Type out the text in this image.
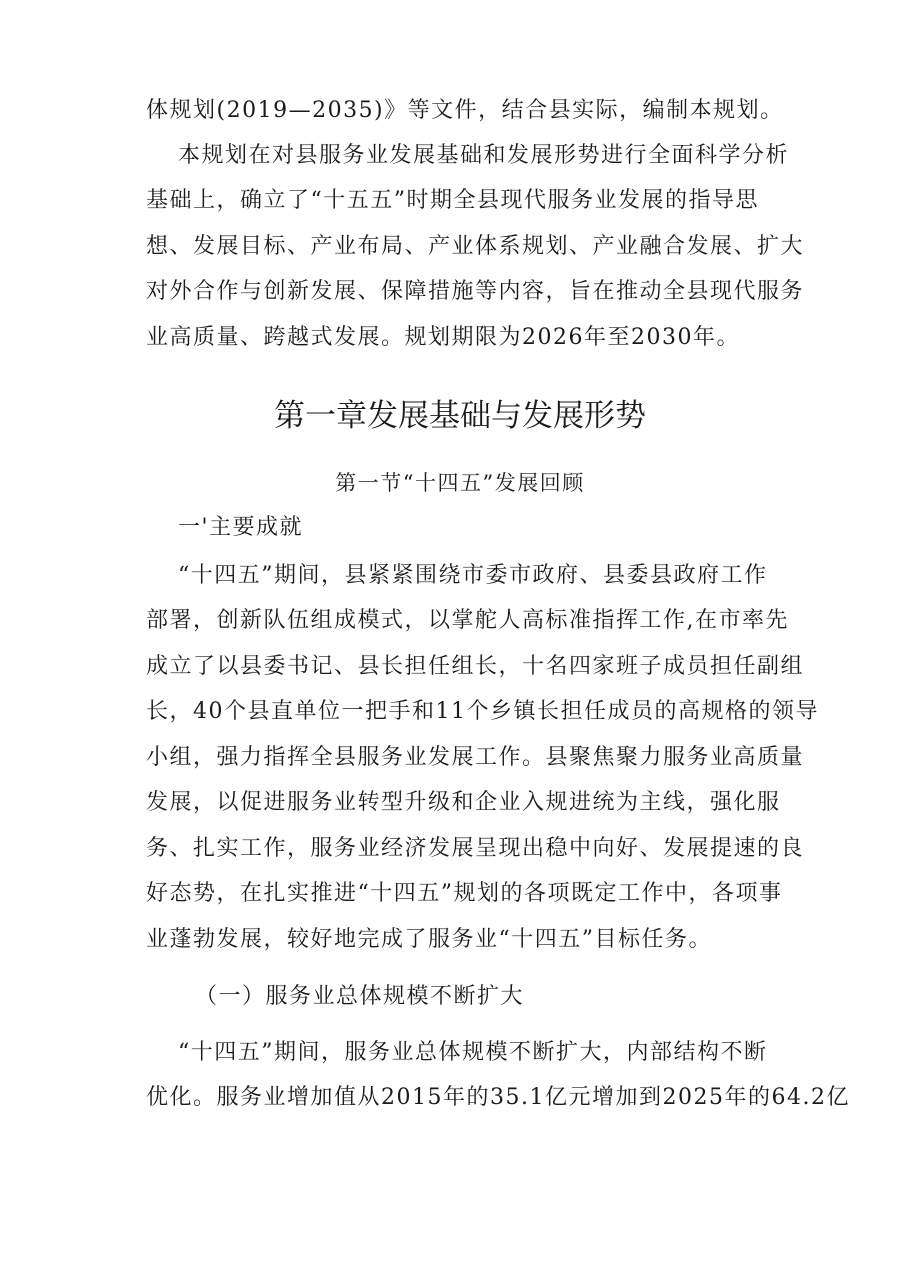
体规划(2019—2035)》等文件，结合县实际，编制本规划。
本规划在对县服务业发展基础和发展形势进行全面科学分析
基础上，确立了“十五五”时期全县现代服务业发展的指导思
想、发展目标、产业布局、产业体系规划、产业融合发展、扩大
对外合作与创新发展、保障措施等内容，旨在推动全县现代服务
业高质量、跨越式发展。规划期限为2026年至2030年。
第一章发展基础与发展形势
第一节“十四五”发展回顾
一'主要成就
“十四五”期间，县紧紧围绕市委市政府、县委县政府工作
部署，创新队伍组成模式，以掌舵人高标准指挥工作,在市率先
成立了以县委书记、县长担任组长，十名四家班子成员担任副组
长，40个县直单位一把手和11个乡镇长担任成员的高规格的领导
小组，强力指挥全县服务业发展工作。县聚焦聚力服务业高质量
发展，以促进服务业转型升级和企业入规进统为主线，强化服
务、扎实工作，服务业经济发展呈现出稳中向好、发展提速的良
好态势，在扎实推进“十四五”规划的各项既定工作中，各项事
业蓬勃发展，较好地完成了服务业“十四五”目标任务。
（一）服务业总体规模不断扩大
“十四五”期间，服务业总体规模不断扩大，内部结构不断
优化。服务业增加值从2015年的35.1亿元增加到2025年的64.2亿
